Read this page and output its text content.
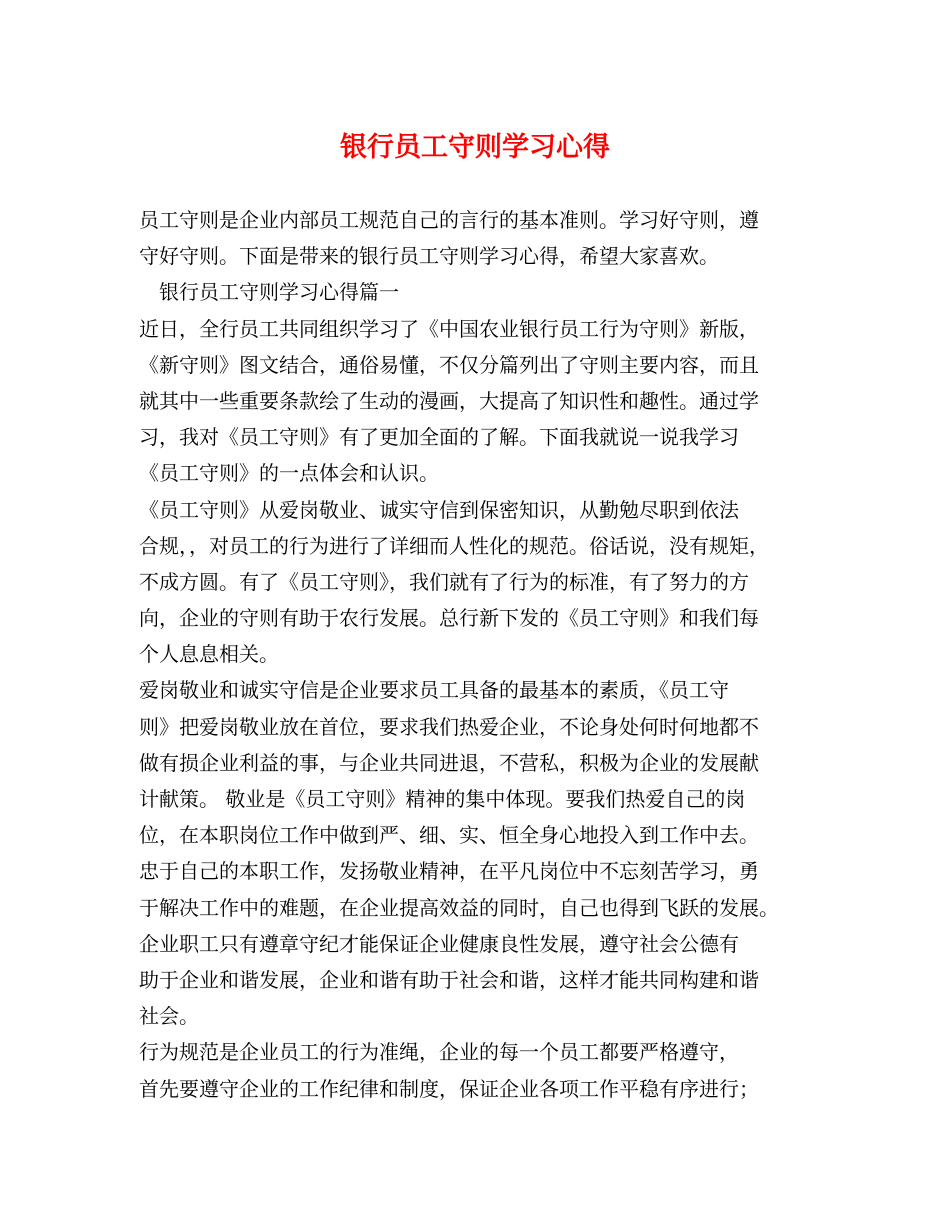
银行员工守则学习心得
员工守则是企业内部员工规范自己的言行的基本准则。学习好守则，遵
守好守则。下面是带来的银行员工守则学习心得，希望大家喜欢。
　银行员工守则学习心得篇一
近日，全行员工共同组织学习了《中国农业银行员工行为守则》新版，
《新守则》图文结合，通俗易懂，不仅分篇列出了守则主要内容，而且
就其中一些重要条款绘了生动的漫画，大提高了知识性和趣性。通过学
习，我对《员工守则》有了更加全面的了解。下面我就说一说我学习
《员工守则》的一点体会和认识。
《员工守则》从爱岗敬业、诚实守信到保密知识，从勤勉尽职到依法
合规，，对员工的行为进行了详细而人性化的规范。俗话说，没有规矩，
不成方圆。有了《员工守则》，我们就有了行为的标准，有了努力的方
向，企业的守则有助于农行发展。总行新下发的《员工守则》和我们每
个人息息相关。
爱岗敬业和诚实守信是企业要求员工具备的最基本的素质，《员工守
则》把爱岗敬业放在首位，要求我们热爱企业，不论身处何时何地都不
做有损企业利益的事，与企业共同进退，不营私，积极为企业的发展献
计献策。 敬业是《员工守则》精神的集中体现。要我们热爱自己的岗
位，在本职岗位工作中做到严、细、实、恒全身心地投入到工作中去。
忠于自己的本职工作，发扬敬业精神，在平凡岗位中不忘刻苦学习，勇
于解决工作中的难题，在企业提高效益的同时，自己也得到飞跃的发展。
企业职工只有遵章守纪才能保证企业健康良性发展，遵守社会公德有
助于企业和谐发展，企业和谐有助于社会和谐，这样才能共同构建和谐
社会。
行为规范是企业员工的行为准绳，企业的每一个员工都要严格遵守，
首先要遵守企业的工作纪律和制度，保证企业各项工作平稳有序进行；
